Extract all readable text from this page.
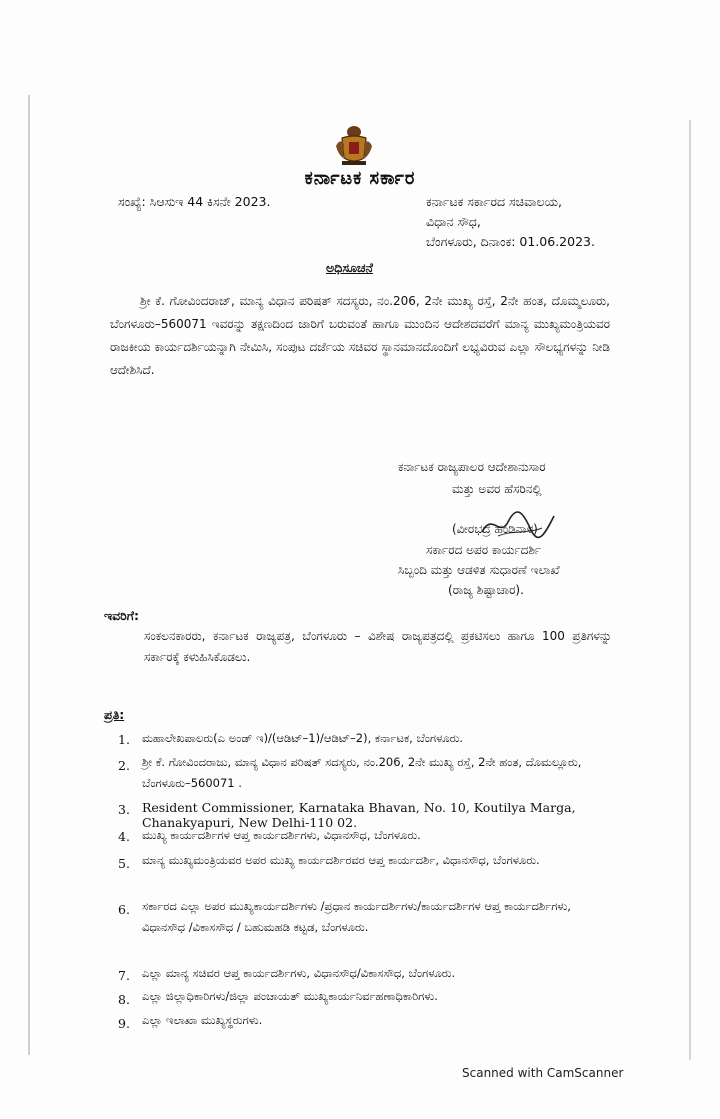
ಕರ್ನಾಟಕ ಸರ್ಕಾರ
ಸಂಖ್ಯೆ: ಸಿಆಸುಇ 44 ಕಿಸನೇ 2023.	ಕರ್ನಾಟಕ ಸರ್ಕಾರದ ಸಚಿವಾಲಯ,
ವಿಧಾನ ಸೌಧ,
ಬೆಂಗಳೂರು, ದಿನಾಂಕ: 01.06.2023.
ಅಧಿಸೂಚನೆ
ಶ್ರೀ ಕೆ. ಗೋವಿಂದರಾಜ್, ಮಾನ್ಯ ವಿಧಾನ ಪರಿಷತ್ ಸದಸ್ಯರು, ನಂ.206, 2ನೇ ಮುಖ್ಯ ರಸ್ತೆ, 2ನೇ ಹಂತ, ದೊಮ್ಮಲೂರು, ಬೆಂಗಳೂರು–560071 ಇವರನ್ನು ತಕ್ಷಣದಿಂದ ಜಾರಿಗೆ ಬರುವಂತೆ ಹಾಗೂ ಮುಂದಿನ ಆದೇಶದವರೆಗೆ ಮಾನ್ಯ ಮುಖ್ಯಮಂತ್ರಿಯವರ ರಾಜಕೀಯ ಕಾರ್ಯದರ್ಶಿಯನ್ನಾಗಿ ನೇಮಿಸಿ, ಸಂಪುಟ ದರ್ಜೆಯ ಸಚಿವರ ಸ್ಥಾನಮಾನದೊಂದಿಗೆ ಲಭ್ಯವಿರುವ ಎಲ್ಲಾ ಸೌಲಭ್ಯಗಳನ್ನು ನೀಡಿ ಆದೇಶಿಸಿದೆ.
ಕರ್ನಾಟಕ ರಾಜ್ಯಪಾಲರ ಆದೇಶಾನುಸಾರ
ಮತ್ತು ಅವರ ಹೆಸರಿನಲ್ಲಿ
(ವೀರಭದ್ರ ಹಂಡಿನಾಳ)
ಸರ್ಕಾರದ ಅಪರ ಕಾರ್ಯದರ್ಶಿ
ಸಿಬ್ಬಂದಿ ಮತ್ತು ಆಡಳಿತ ಸುಧಾರಣೆ ಇಲಾಖೆ
(ರಾಜ್ಯ ಶಿಷ್ಟಾಚಾರ).
ಇವರಿಗೆ:
ಸಂಕಲನಕಾರರು, ಕರ್ನಾಟಕ ರಾಜ್ಯಪತ್ರ, ಬೆಂಗಳೂರು – ವಿಶೇಷ ರಾಜ್ಯಪತ್ರದಲ್ಲಿ ಪ್ರಕಟಿಸಲು ಹಾಗೂ 100 ಪ್ರತಿಗಳನ್ನು ಸರ್ಕಾರಕ್ಕೆ ಕಳುಹಿಸಿಕೊಡಲು.
ಪ್ರತಿ:
1. ಮಹಾಲೇಖಪಾಲರು(ಎ ಅಂಡ್ ಇ)/(ಆಡಿಟ್–1)/ಆಡಿಟ್–2), ಕರ್ನಾಟಕ, ಬೆಂಗಳೂರು.
2. ಶ್ರೀ ಕೆ. ಗೋವಿಂದರಾಜು, ಮಾನ್ಯ ವಿಧಾನ ಪರಿಷತ್ ಸದಸ್ಯರು, ನಂ.206, 2ನೇ ಮುಖ್ಯ ರಸ್ತೆ, 2ನೇ ಹಂತ, ದೊಮಲ್ಲೂರು, ಬೆಂಗಳೂರು–560071 .
3. Resident Commissioner, Karnataka Bhavan, No. 10, Koutilya Marga, Chanakyapuri, New Delhi-110 02.
4. ಮುಖ್ಯ ಕಾರ್ಯದರ್ಶಿಗಳ ಆಪ್ತ ಕಾರ್ಯದರ್ಶಿಗಳು, ವಿಧಾನಸೌಧ, ಬೆಂಗಳೂರು.
5. ಮಾನ್ಯ ಮುಖ್ಯಮಂತ್ರಿಯವರ ಅಪರ ಮುಖ್ಯ ಕಾರ್ಯದರ್ಶಿರವರ ಆಪ್ತ ಕಾರ್ಯದರ್ಶಿ, ವಿಧಾನಸೌಧ, ಬೆಂಗಳೂರು.
6. ಸರ್ಕಾರದ ಎಲ್ಲಾ ಅಪರ ಮುಖ್ಯಕಾರ್ಯದರ್ಶಿಗಳು /ಪ್ರಧಾನ ಕಾರ್ಯದರ್ಶಿಗಳು/ಕಾರ್ಯದರ್ಶಿಗಳ ಆಪ್ತ ಕಾರ್ಯದರ್ಶಿಗಳು, ವಿಧಾನಸೌಧ /ವಿಕಾಸಸೌಧ / ಬಹುಮಹಡಿ ಕಟ್ಟಡ, ಬೆಂಗಳೂರು.
7. ಎಲ್ಲಾ ಮಾನ್ಯ ಸಚಿವರ ಆಪ್ತ ಕಾರ್ಯದರ್ಶಿಗಳು, ವಿಧಾನಸೌಧ/ವಿಕಾಸಸೌಧ, ಬೆಂಗಳೂರು.
8. ಎಲ್ಲಾ ಜಿಲ್ಲಾಧಿಕಾರಿಗಳು/ಜಿಲ್ಲಾ ಪಂಚಾಯತ್ ಮುಖ್ಯಕಾರ್ಯನಿರ್ವಹಣಾಧಿಕಾರಿಗಳು.
9. ಎಲ್ಲಾ ಇಲಾಖಾ ಮುಖ್ಯಸ್ಥರುಗಳು.
Scanned with CamScanner
